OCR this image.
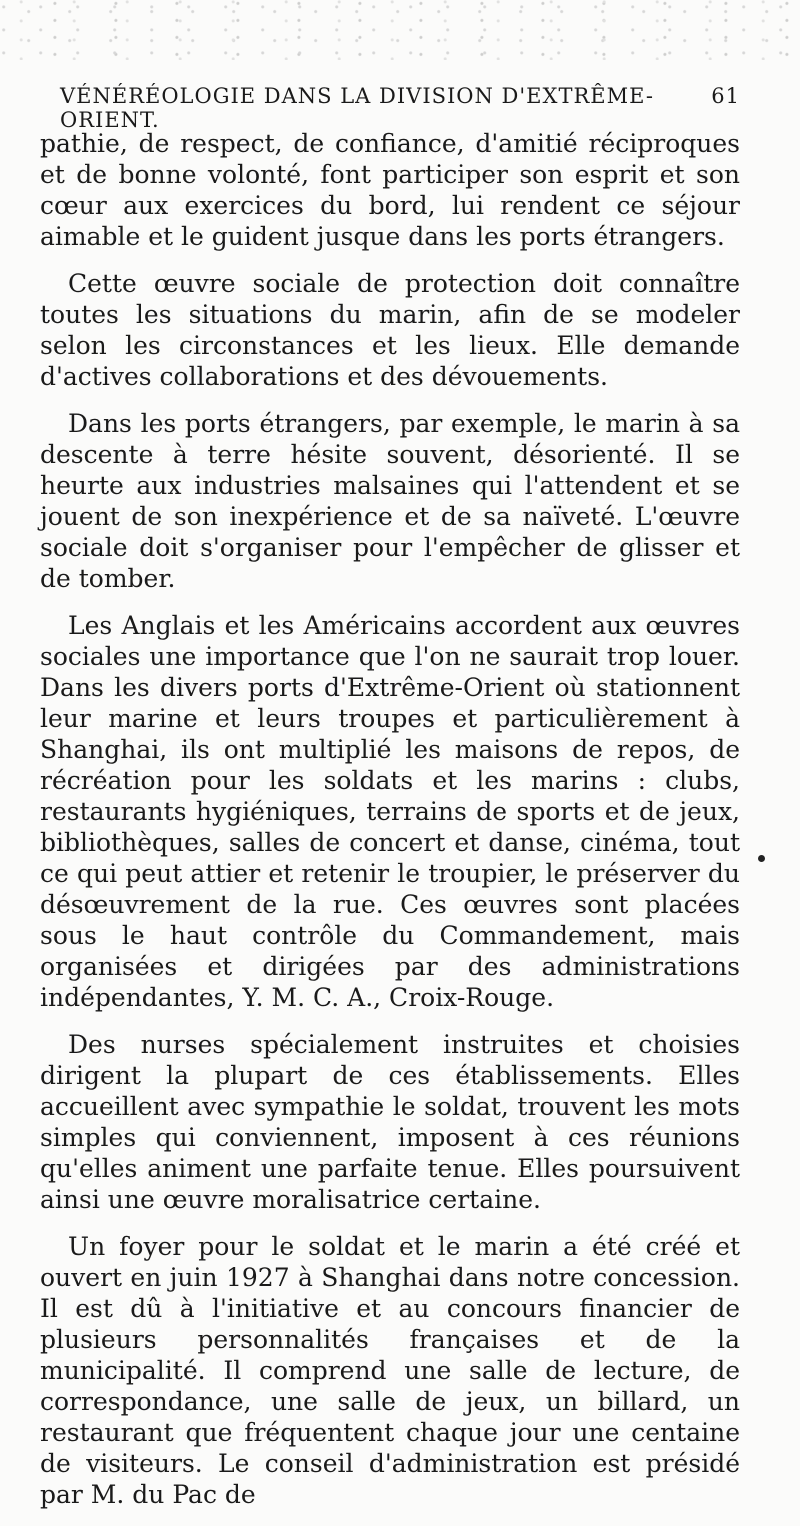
VÉNÉRÉOLOGIE DANS LA DIVISION D'EXTRÊME-ORIENT.
61

pathie, de respect, de confiance, d'amitié réciproques et de bonne volonté, font participer son esprit et son cœur aux exercices du bord, lui rendent ce séjour aimable et le guident jusque dans les ports étrangers.

Cette œuvre sociale de protection doit connaître toutes les situations du marin, afin de se modeler selon les circonstances et les lieux. Elle demande d'actives collaborations et des dévouements.

Dans les ports étrangers, par exemple, le marin à sa descente à terre hésite souvent, désorienté. Il se heurte aux industries malsaines qui l'attendent et se jouent de son inexpérience et de sa naïveté. L'œuvre sociale doit s'organiser pour l'empêcher de glisser et de tomber.

Les Anglais et les Américains accordent aux œuvres sociales une importance que l'on ne saurait trop louer. Dans les divers ports d'Extrême-Orient où stationnent leur marine et leurs troupes et particulièrement à Shanghai, ils ont multiplié les maisons de repos, de récréation pour les soldats et les marins : clubs, restaurants hygiéniques, terrains de sports et de jeux, bibliothèques, salles de concert et danse, cinéma, tout ce qui peut attier et retenir le troupier, le préserver du désœuvrement de la rue. Ces œuvres sont placées sous le haut contrôle du Commandement, mais organisées et dirigées par des administrations indépendantes, Y. M. C. A., Croix-Rouge.

Des nurses spécialement instruites et choisies dirigent la plupart de ces établissements. Elles accueillent avec sympathie le soldat, trouvent les mots simples qui conviennent, imposent à ces réunions qu'elles animent une parfaite tenue. Elles poursuivent ainsi une œuvre moralisatrice certaine.

Un foyer pour le soldat et le marin a été créé et ouvert en juin 1927 à Shanghai dans notre concession. Il est dû à l'initiative et au concours financier de plusieurs personnalités françaises et de la municipalité. Il comprend une salle de lecture, de correspondance, une salle de jeux, un billard, un restaurant que fréquentent chaque jour une centaine de visiteurs. Le conseil d'administration est présidé par M. du Pac de
